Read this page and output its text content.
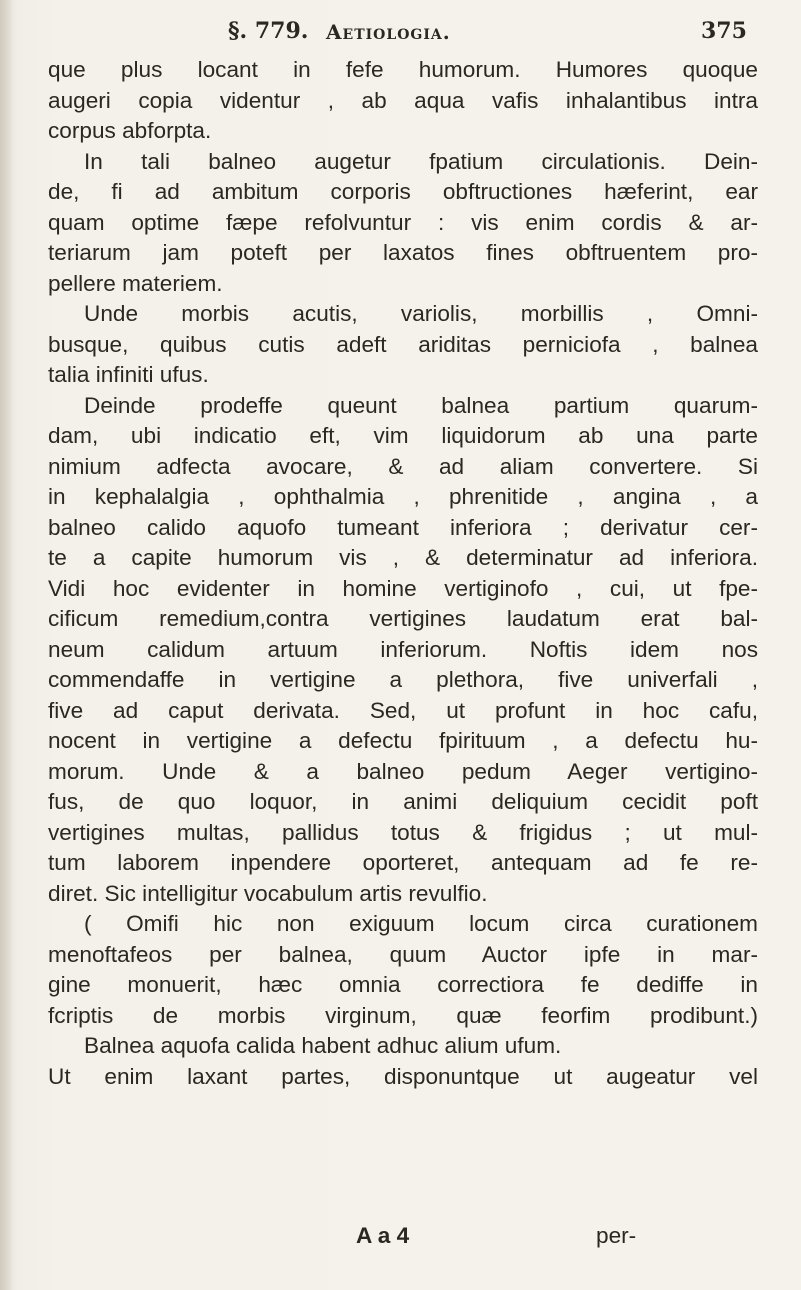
§. 779. Aetiologia.	375
que plus locant in fefe humorum. Humores quoque
augeri copia videntur , ab aqua vafis inhalantibus intra
corpus abforpta.
In tali balneo augetur fpatium circulationis. Dein-
de, fi ad ambitum corporis obftructiones hæferint, ear
quam optime fæpe refolvuntur : vis enim cordis & ar-
teriarum jam poteft per laxatos fines obftruentem pro-
pellere materiem.
Unde morbis acutis, variolis, morbillis , Omni-
busque, quibus cutis adeft ariditas perniciofa , balnea
talia infiniti ufus.
Deinde prodeffe queunt balnea partium quarum-
dam, ubi indicatio eft, vim liquidorum ab una parte
nimium adfecta avocare, & ad aliam convertere. Si
in kephalalgia , ophthalmia , phrenitide , angina , a
balneo calido aquofo tumeant inferiora ; derivatur cer-
te a capite humorum vis , & determinatur ad inferiora.
Vidi hoc evidenter in homine vertiginofo , cui, ut fpe-
cificum remedium,contra vertigines laudatum erat bal-
neum calidum artuum inferiorum. Noftis idem nos
commendaffe in vertigine a plethora, five univerfali ,
five ad caput derivata. Sed, ut profunt in hoc cafu,
nocent in vertigine a defectu fpirituum , a defectu hu-
morum. Unde & a balneo pedum Aeger vertigino-
fus, de quo loquor, in animi deliquium cecidit poft
vertigines multas, pallidus totus & frigidus ; ut mul-
tum laborem inpendere oporteret, antequam ad fe re-
diret. Sic intelligitur vocabulum artis revulfio.
( Omifi hic non exiguum locum circa curationem
menoftafeos per balnea, quum Auctor ipfe in mar-
gine monuerit, hæc omnia correctiora fe dediffe in
fcriptis de morbis virginum, quæ feorfim prodibunt.)
Balnea aquofa calida habent adhuc alium ufum.
Ut enim laxant partes, disponuntque ut augeatur vel
A a 4	per-
